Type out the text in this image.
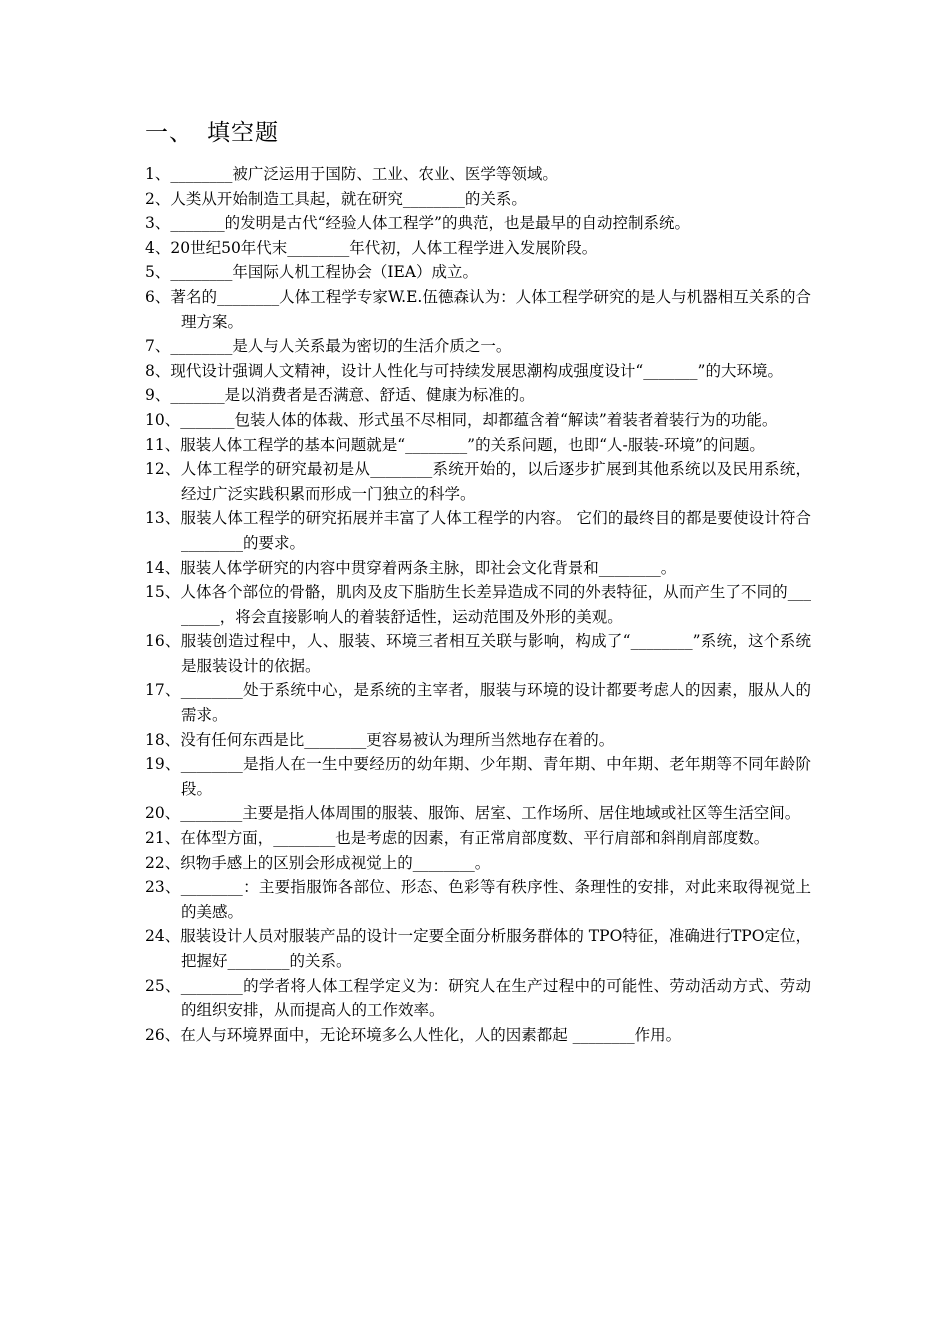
一、 填空题
1、________被广泛运用于国防、工业、农业、医学等领域。
2、人类从开始制造工具起，就在研究________的关系。
3、_______的发明是古代“经验人体工程学”的典范，也是最早的自动控制系统。
4、20世纪50年代末________年代初，人体工程学进入发展阶段。
5、________年国际人机工程协会（IEA）成立。
6、著名的________人体工程学专家W.E.伍德森认为：人体工程学研究的是人与机器相互关系的合理方案。
7、________是人与人关系最为密切的生活介质之一。
8、现代设计强调人文精神，设计人性化与可持续发展思潮构成强度设计“_______”的大环境。
9、_______是以消费者是否满意、舒适、健康为标准的。
10、_______包装人体的体裁、形式虽不尽相同，却都蕴含着“解读”着装者着装行为的功能。
11、服装人体工程学的基本问题就是“________”的关系问题，也即“人-服装-环境”的问题。
12、人体工程学的研究最初是从________系统开始的，以后逐步扩展到其他系统以及民用系统，经过广泛实践积累而形成一门独立的科学。
13、服装人体工程学的研究拓展并丰富了人体工程学的内容。 它们的最终目的都是要使设计符合________的要求。
14、服装人体学研究的内容中贯穿着两条主脉，即社会文化背景和________。
15、人体各个部位的骨骼，肌肉及皮下脂肪生长差异造成不同的外表特征，从而产生了不同的________，将会直接影响人的着装舒适性，运动范围及外形的美观。
16、服装创造过程中，人、服装、环境三者相互关联与影响，构成了“________”系统，这个系统是服装设计的依据。
17、________处于系统中心，是系统的主宰者，服装与环境的设计都要考虑人的因素，服从人的需求。
18、没有任何东西是比________更容易被认为理所当然地存在着的。
19、________是指人在一生中要经历的幼年期、少年期、青年期、中年期、老年期等不同年龄阶段。
20、________主要是指人体周围的服装、服饰、居室、工作场所、居住地域或社区等生活空间。
21、在体型方面，________也是考虑的因素，有正常肩部度数、平行肩部和斜削肩部度数。
22、织物手感上的区别会形成视觉上的________。
23、________：主要指服饰各部位、形态、色彩等有秩序性、条理性的安排，对此来取得视觉上的美感。
24、服装设计人员对服装产品的设计一定要全面分析服务群体的 TPO特征，准确进行TPO定位，把握好________的关系。
25、________的学者将人体工程学定义为：研究人在生产过程中的可能性、劳动活动方式、劳动的组织安排，从而提高人的工作效率。
26、在人与环境界面中，无论环境多么人性化，人的因素都起 ________作用。
